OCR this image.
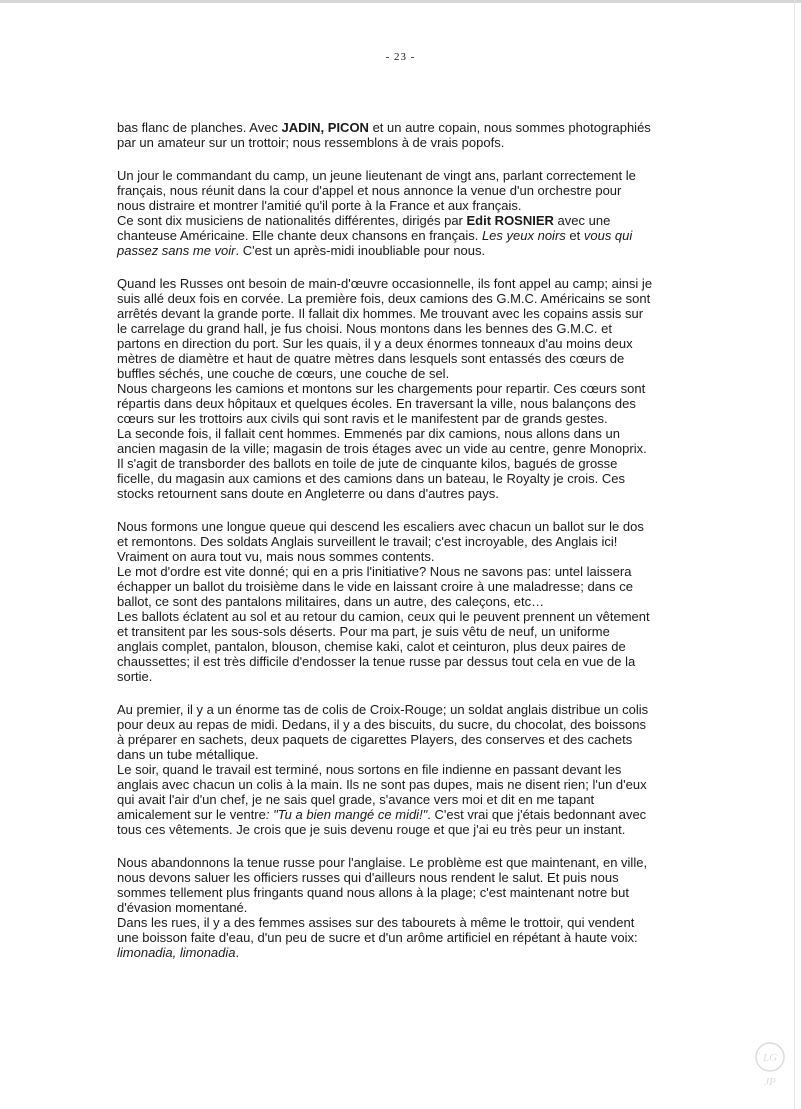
- 23 -

bas flanc de planches. Avec JADIN, PICON et un autre copain, nous sommes photographiés
par un amateur sur un trottoir; nous ressemblons à de vrais popofs.

Un jour le commandant du camp, un jeune lieutenant de vingt ans, parlant correctement le
français, nous réunit dans la cour d'appel et nous annonce la venue d'un orchestre pour
nous distraire et montrer l'amitié qu'il porte à la France et aux français.
Ce sont dix musiciens de nationalités différentes, dirigés par Edit ROSNIER avec une
chanteuse Américaine. Elle chante deux chansons en français. Les yeux noirs et vous qui
passez sans me voir. C'est un après-midi inoubliable pour nous.

Quand les Russes ont besoin de main-d'œuvre occasionnelle, ils font appel au camp; ainsi je
suis allé deux fois en corvée. La première fois, deux camions des G.M.C. Américains se sont
arrêtés devant la grande porte. Il fallait dix hommes. Me trouvant avec les copains assis sur
le carrelage du grand hall, je fus choisi. Nous montons dans les bennes des G.M.C. et
partons en direction du port. Sur les quais, il y a deux énormes tonneaux d'au moins deux
mètres de diamètre et haut de quatre mètres dans lesquels sont entassés des cœurs de
buffles séchés, une couche de cœurs, une couche de sel.
Nous chargeons les camions et montons sur les chargements pour repartir. Ces cœurs sont
répartis dans deux hôpitaux et quelques écoles. En traversant la ville, nous balançons des
cœurs sur les trottoirs aux civils qui sont ravis et le manifestent par de grands gestes.
La seconde fois, il fallait cent hommes. Emmenés par dix camions, nous allons dans un
ancien magasin de la ville; magasin de trois étages avec un vide au centre, genre Monoprix.
Il s'agit de transborder des ballots en toile de jute de cinquante kilos, bagués de grosse
ficelle, du magasin aux camions et des camions dans un bateau, le Royalty je crois. Ces
stocks retournent sans doute en Angleterre ou dans d'autres pays.

Nous formons une longue queue qui descend les escaliers avec chacun un ballot sur le dos
et remontons. Des soldats Anglais surveillent le travail; c'est incroyable, des Anglais ici!
Vraiment on aura tout vu, mais nous sommes contents.
Le mot d'ordre est vite donné; qui en a pris l'initiative? Nous ne savons pas: untel laissera
échapper un ballot du troisième dans le vide en laissant croire à une maladresse; dans ce
ballot, ce sont des pantalons militaires, dans un autre, des caleçons, etc…
Les ballots éclatent au sol et au retour du camion, ceux qui le peuvent prennent un vêtement
et transitent par les sous-sols déserts. Pour ma part, je suis vêtu de neuf, un uniforme
anglais complet, pantalon, blouson, chemise kaki, calot et ceinturon, plus deux paires de
chaussettes; il est très difficile d'endosser la tenue russe par dessus tout cela en vue de la
sortie.

Au premier, il y a un énorme tas de colis de Croix-Rouge; un soldat anglais distribue un colis
pour deux au repas de midi. Dedans, il y a des biscuits, du sucre, du chocolat, des boissons
à préparer en sachets, deux paquets de cigarettes Players, des conserves et des cachets
dans un tube métallique.
Le soir, quand le travail est terminé, nous sortons en file indienne en passant devant les
anglais avec chacun un colis à la main. Ils ne sont pas dupes, mais ne disent rien; l'un d'eux
qui avait l'air d'un chef, je ne sais quel grade, s'avance vers moi et dit en me tapant
amicalement sur le ventre: "Tu a bien mangé ce midi!". C'est vrai que j'étais bedonnant avec
tous ces vêtements. Je crois que je suis devenu rouge et que j'ai eu très peur un instant.

Nous abandonnons la tenue russe pour l'anglaise. Le problème est que maintenant, en ville,
nous devons saluer les officiers russes qui d'ailleurs nous rendent le salut. Et puis nous
sommes tellement plus fringants quand nous allons à la plage; c'est maintenant notre but
d'évasion momentané.
Dans les rues, il y a des femmes assises sur des tabourets à même le trottoir, qui vendent
une boisson faite d'eau, d'un peu de sucre et d'un arôme artificiel en répétant à haute voix:
limonadia, limonadia.

LG
JP
